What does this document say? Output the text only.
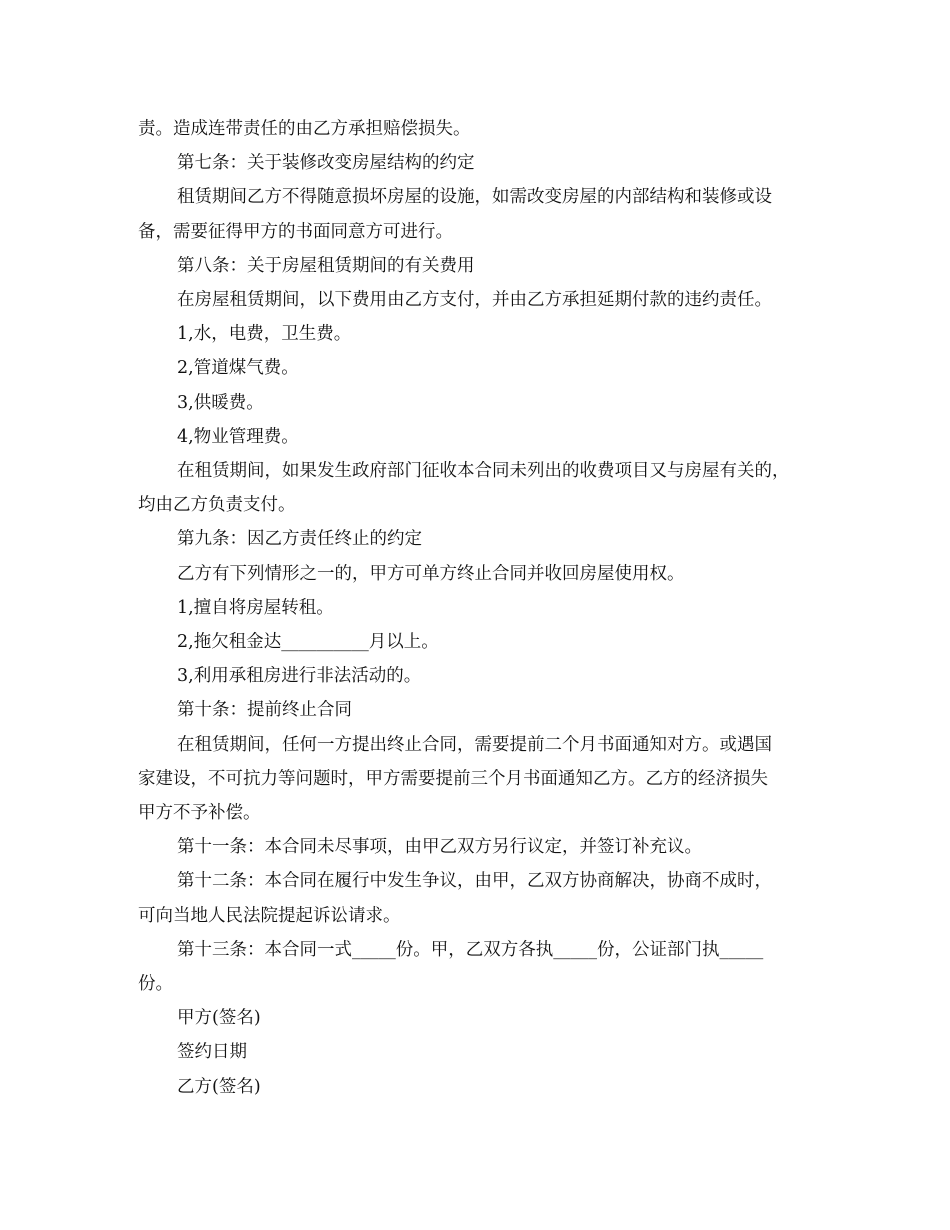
责。造成连带责任的由乙方承担赔偿损失。

第七条：关于装修改变房屋结构的约定

租赁期间乙方不得随意损坏房屋的设施，如需改变房屋的内部结构和装修或设

备，需要征得甲方的书面同意方可进行。

第八条：关于房屋租赁期间的有关费用

在房屋租赁期间，以下费用由乙方支付，并由乙方承担延期付款的违约责任。

1,水，电费，卫生费。

2,管道煤气费。

3,供暖费。

4,物业管理费。

在租赁期间，如果发生政府部门征收本合同未列出的收费项目又与房屋有关的，

均由乙方负责支付。

第九条：因乙方责任终止的约定

乙方有下列情形之一的，甲方可单方终止合同并收回房屋使用权。

1,擅自将房屋转租。

2,拖欠租金达__________月以上。

3,利用承租房进行非法活动的。

第十条：提前终止合同

在租赁期间，任何一方提出终止合同，需要提前二个月书面通知对方。或遇国

家建设，不可抗力等问题时，甲方需要提前三个月书面通知乙方。乙方的经济损失

甲方不予补偿。

第十一条：本合同未尽事项，由甲乙双方另行议定，并签订补充议。

第十二条：本合同在履行中发生争议，由甲，乙双方协商解决，协商不成时，

可向当地人民法院提起诉讼请求。

第十三条：本合同一式_____份。甲，乙双方各执_____份，公证部门执_____

份。

甲方(签名)

签约日期

乙方(签名)
